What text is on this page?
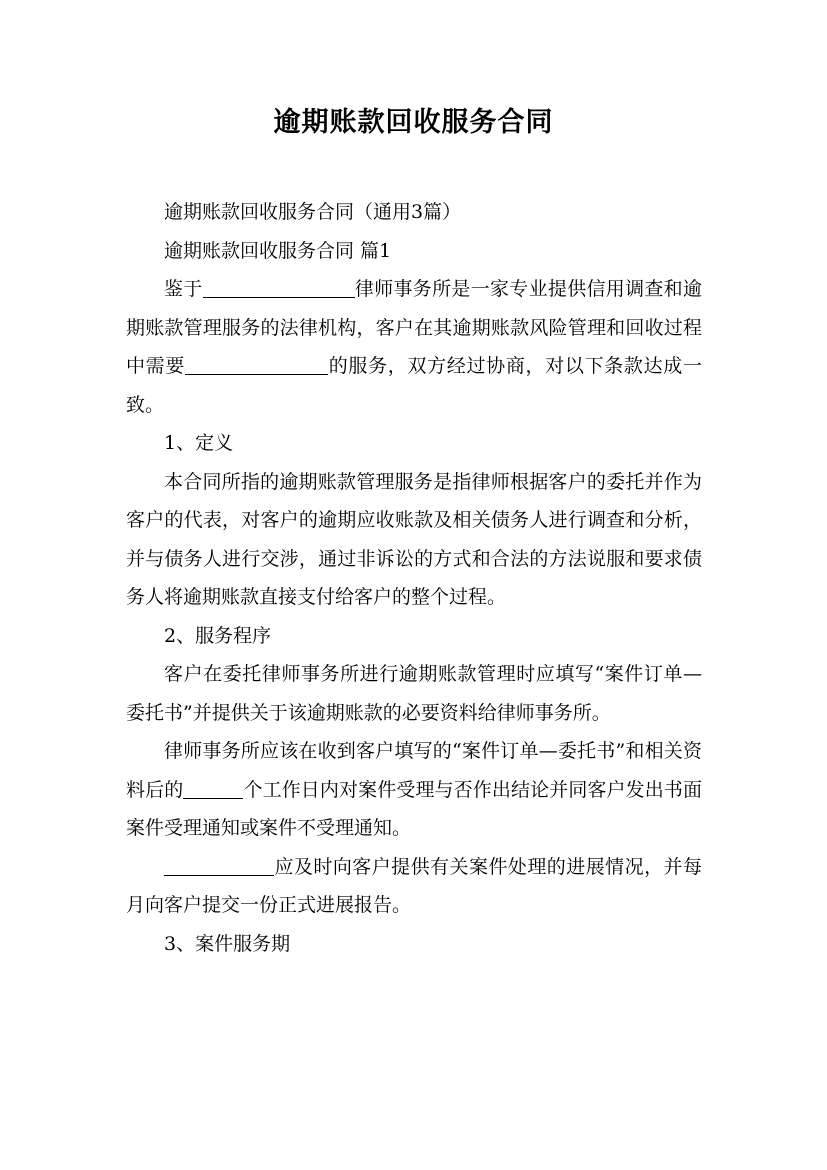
逾期账款回收服务合同

逾期账款回收服务合同（通用3篇）

逾期账款回收服务合同 篇1

鉴于	律师事务所是一家专业提供信用调查和逾期账款管理服务的法律机构，客户在其逾期账款风险管理和回收过程中需要	的服务，双方经过协商，对以下条款达成一致。

1、定义

本合同所指的逾期账款管理服务是指律师根据客户的委托并作为客户的代表，对客户的逾期应收账款及相关债务人进行调查和分析，并与债务人进行交涉，通过非诉讼的方式和合法的方法说服和要求债务人将逾期账款直接支付给客户的整个过程。

2、服务程序

客户在委托律师事务所进行逾期账款管理时应填写“案件订单—委托书”并提供关于该逾期账款的必要资料给律师事务所。

律师事务所应该在收到客户填写的“案件订单—委托书”和相关资料后的	个工作日内对案件受理与否作出结论并同客户发出书面案件受理通知或案件不受理通知。

应及时向客户提供有关案件处理的进展情况，并每月向客户提交一份正式进展报告。

3、案件服务期
